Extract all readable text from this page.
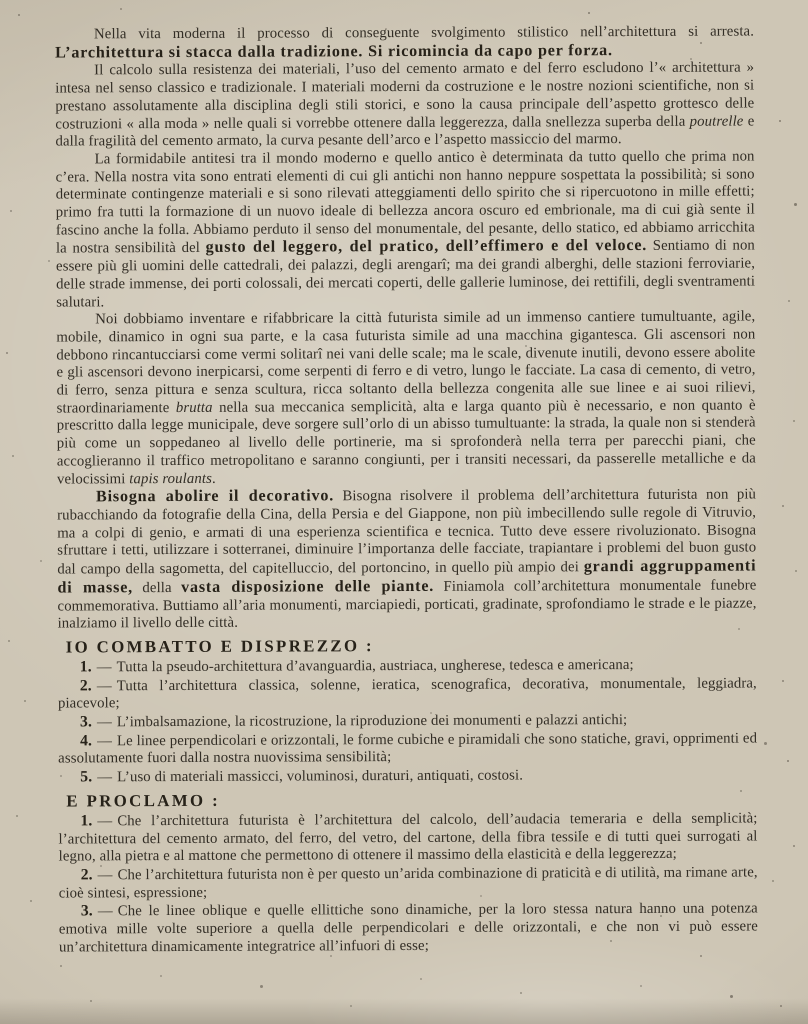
Nella vita moderna il processo di conseguente svolgimento stilistico nell’architettura si arresta. L’architettura si stacca dalla tradizione. Si ricomincia da capo per forza.

Il calcolo sulla resistenza dei materiali, l’uso del cemento armato e del ferro escludono l’« architettura » intesa nel senso classico e tradizionale. I materiali moderni da costruzione e le nostre nozioni scientifiche, non si prestano assolutamente alla disciplina degli stili storici, e sono la causa principale dell’aspetto grottesco delle costruzioni « alla moda » nelle quali si vorrebbe ottenere dalla leggerezza, dalla snellezza superba della poutrelle e dalla fragilità del cemento armato, la curva pesante dell’arco e l’aspetto massiccio del marmo.

La formidabile antitesi tra il mondo moderno e quello antico è determinata da tutto quello che prima non c’era. Nella nostra vita sono entrati elementi di cui gli antichi non hanno neppure sospettata la possibilità; si sono determinate contingenze materiali e si sono rilevati atteggiamenti dello spirito che si ripercuotono in mille effetti; primo fra tutti la formazione di un nuovo ideale di bellezza ancora oscuro ed embrionale, ma di cui già sente il fascino anche la folla. Abbiamo perduto il senso del monumentale, del pesante, dello statico, ed abbiamo arricchita la nostra sensibilità del gusto del leggero, del pratico, dell’effimero e del veloce. Sentiamo di non essere più gli uomini delle cattedrali, dei palazzi, degli arengarî; ma dei grandi alberghi, delle stazioni ferroviarie, delle strade immense, dei porti colossali, dei mercati coperti, delle gallerie luminose, dei rettifili, degli sventramenti salutari.

Noi dobbiamo inventare e rifabbricare la città futurista simile ad un immenso cantiere tumultuante, agile, mobile, dinamico in ogni sua parte, e la casa futurista simile ad una macchina gigantesca. Gli ascensori non debbono rincantucciarsi come vermi solitarî nei vani delle scale; ma le scale, divenute inutili, devono essere abolite e gli ascensori devono inerpicarsi, come serpenti di ferro e di vetro, lungo le facciate. La casa di cemento, di vetro, di ferro, senza pittura e senza scultura, ricca soltanto della bellezza congenita alle sue linee e ai suoi rilievi, straordinariamente brutta nella sua meccanica semplicità, alta e larga quanto più è necessario, e non quanto è prescritto dalla legge municipale, deve sorgere sull’orlo di un abisso tumultuante: la strada, la quale non si stenderà più come un soppedaneo al livello delle portinerie, ma si sprofonderà nella terra per parecchi piani, che accoglieranno il traffico metropolitano e saranno congiunti, per i transiti necessari, da passerelle metalliche e da velocissimi tapis roulants.

Bisogna abolire il decorativo. Bisogna risolvere il problema dell’architettura futurista non più rubacchiando da fotografie della Cina, della Persia e del Giappone, non più imbecillendo sulle regole di Vitruvio, ma a colpi di genio, e armati di una esperienza scientifica e tecnica. Tutto deve essere rivoluzionato. Bisogna sfruttare i tetti, utilizzare i sotterranei, diminuire l’importanza delle facciate, trapiantare i problemi del buon gusto dal campo della sagometta, del capitelluccio, del portoncino, in quello più ampio dei grandi aggruppamenti di masse, della vasta disposizione delle piante. Finiamola coll’architettura monumentale funebre commemorativa. Buttiamo all’aria monumenti, marciapiedi, porticati, gradinate, sprofondiamo le strade e le piazze, inalziamo il livello delle città.

IO COMBATTO E DISPREZZO :

1. — Tutta la pseudo-architettura d’avanguardia, austriaca, ungherese, tedesca e americana;

2. — Tutta l’architettura classica, solenne, ieratica, scenografica, decorativa, monumentale, leggiadra, piacevole;

3. — L’imbalsamazione, la ricostruzione, la riproduzione dei monumenti e palazzi antichi;

4. — Le linee perpendicolari e orizzontali, le forme cubiche e piramidali che sono statiche, gravi, opprimenti ed assolutamente fuori dalla nostra nuovissima sensibilità;

5. — L’uso di materiali massicci, voluminosi, duraturi, antiquati, costosi.

E PROCLAMO :

1. — Che l’architettura futurista è l’architettura del calcolo, dell’audacia temeraria e della semplicità; l’architettura del cemento armato, del ferro, del vetro, del cartone, della fibra tessile e di tutti quei surrogati al legno, alla pietra e al mattone che permettono di ottenere il massimo della elasticità e della leggerezza;

2. — Che l’architettura futurista non è per questo un’arida combinazione di praticità e di utilità, ma rimane arte, cioè sintesi, espressione;

3. — Che le linee oblique e quelle ellittiche sono dinamiche, per la loro stessa natura hanno una potenza emotiva mille volte superiore a quella delle perpendicolari e delle orizzontali, e che non vi può essere un’architettura dinamicamente integratrice all’infuori di esse;
